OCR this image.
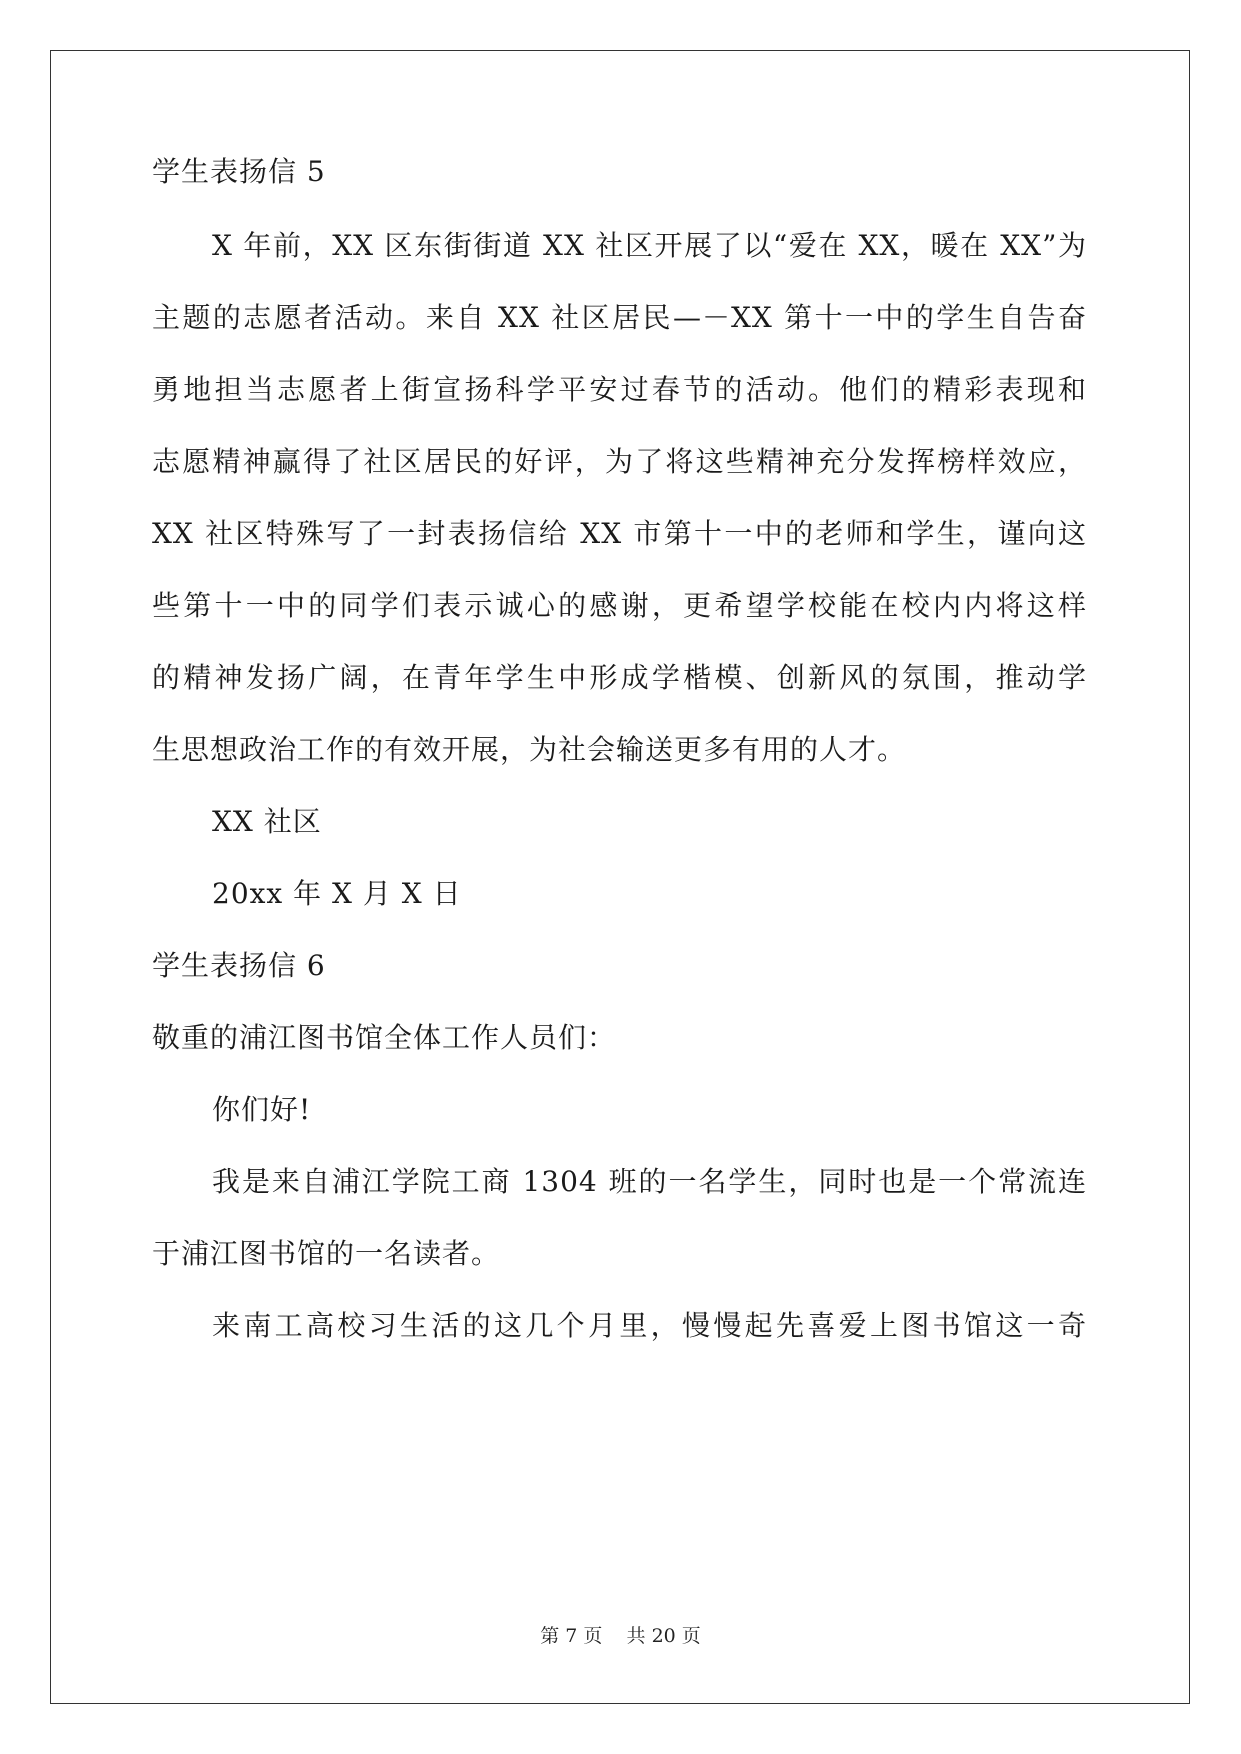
学生表扬信 5
X 年前，XX 区东街街道 XX 社区开展了以“爱在 XX，暖在 XX”为
主题的志愿者活动。来自 XX 社区居民—－XX 第十一中的学生自告奋
勇地担当志愿者上街宣扬科学平安过春节的活动。他们的精彩表现和
志愿精神赢得了社区居民的好评，为了将这些精神充分发挥榜样效应，
XX 社区特殊写了一封表扬信给 XX 市第十一中的老师和学生，谨向这
些第十一中的同学们表示诚心的感谢，更希望学校能在校内内将这样
的精神发扬广阔，在青年学生中形成学楷模、创新风的氛围，推动学
生思想政治工作的有效开展，为社会输送更多有用的人才。
XX 社区
20xx 年 X 月 X 日
学生表扬信 6
敬重的浦江图书馆全体工作人员们：
你们好!
我是来自浦江学院工商 1304 班的一名学生，同时也是一个常流连
于浦江图书馆的一名读者。
来南工高校习生活的这几个月里，慢慢起先喜爱上图书馆这一奇
第 7 页    共 20 页
